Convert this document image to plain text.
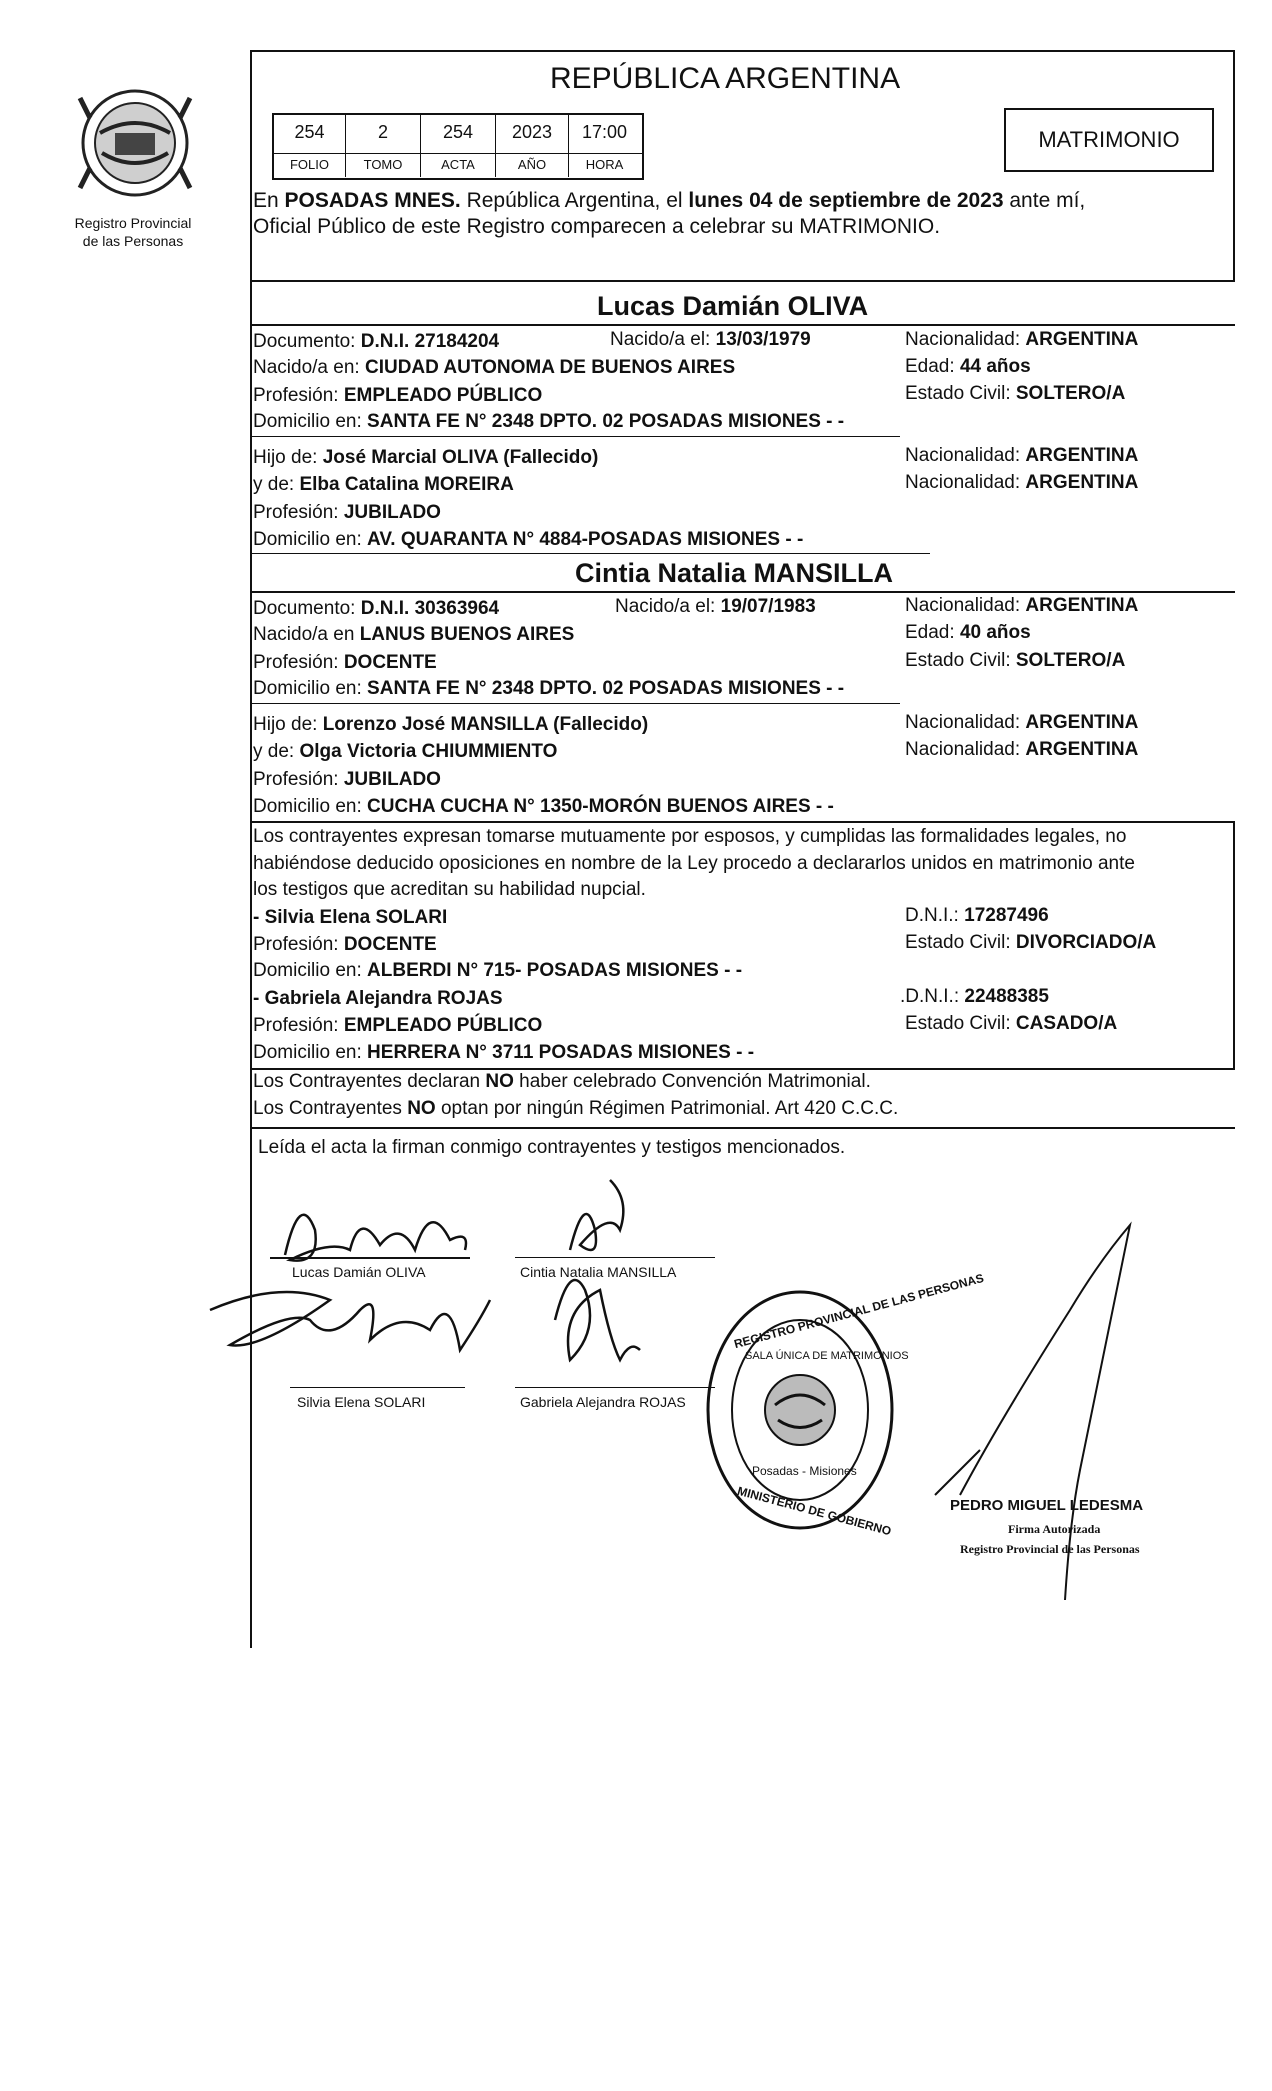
Registro Provincial
de las Personas
REPÚBLICA ARGENTINA
254	2	254	2023	17:00
FOLIO	TOMO	ACTA	AÑO	HORA
MATRIMONIO
En POSADAS MNES. República Argentina, el lunes 04 de septiembre de 2023 ante mí,
Oficial Público de este Registro comparecen a celebrar su MATRIMONIO.
Lucas Damián OLIVA
Documento: D.N.I. 27184204	Nacido/a el: 13/03/1979	Nacionalidad: ARGENTINA
Nacido/a en: CIUDAD AUTONOMA DE BUENOS AIRES	Edad: 44 años
Profesión: EMPLEADO PÚBLICO	Estado Civil: SOLTERO/A
Domicilio en: SANTA FE N° 2348 DPTO. 02 POSADAS MISIONES - -
Hijo de: José Marcial OLIVA (Fallecido)	Nacionalidad: ARGENTINA
y de: Elba Catalina MOREIRA	Nacionalidad: ARGENTINA
Profesión: JUBILADO
Domicilio en: AV. QUARANTA N° 4884-POSADAS MISIONES - -
Cintia Natalia MANSILLA
Documento: D.N.I. 30363964	Nacido/a el: 19/07/1983	Nacionalidad: ARGENTINA
Nacido/a en LANUS BUENOS AIRES	Edad: 40 años
Profesión: DOCENTE	Estado Civil: SOLTERO/A
Domicilio en: SANTA FE N° 2348 DPTO. 02 POSADAS MISIONES - -
Hijo de: Lorenzo José MANSILLA (Fallecido)	Nacionalidad: ARGENTINA
y de: Olga Victoria CHIUMMIENTO	Nacionalidad: ARGENTINA
Profesión: JUBILADO
Domicilio en: CUCHA CUCHA N° 1350-MORÓN BUENOS AIRES - -
Los contrayentes expresan tomarse mutuamente por esposos, y cumplidas las formalidades legales, no
habiéndose deducido oposiciones en nombre de la Ley procedo a declararlos unidos en matrimonio ante
los testigos que acreditan su habilidad nupcial.
- Silvia Elena SOLARI	D.N.I.: 17287496
Profesión: DOCENTE	Estado Civil: DIVORCIADO/A
Domicilio en: ALBERDI N° 715- POSADAS MISIONES - -
- Gabriela Alejandra ROJAS	.D.N.I.: 22488385
Profesión: EMPLEADO PÚBLICO	Estado Civil: CASADO/A
Domicilio en: HERRERA N° 3711 POSADAS MISIONES - -
Los Contrayentes declaran NO haber celebrado Convención Matrimonial.
Los Contrayentes NO optan por ningún Régimen Patrimonial. Art 420 C.C.C.
Leída el acta la firman conmigo contrayentes y testigos mencionados.
Lucas Damián OLIVA	Cintia Natalia MANSILLA
Silvia Elena SOLARI	Gabriela Alejandra ROJAS
REGISTRO PROVINCIAL DE LAS PERSONAS
SALA ÚNICA DE MATRIMONIOS
Posadas - Misiones
MINISTERIO DE GOBIERNO	PEDRO MIGUEL LEDESMA
Firma Autorizada
Registro Provincial de las Personas
